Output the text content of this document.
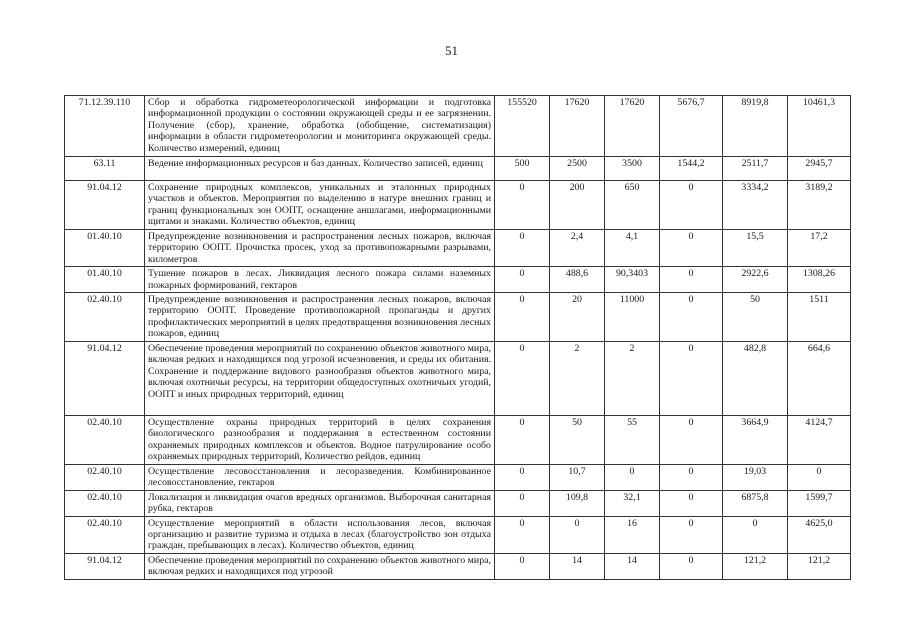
51
71.12.39.110	Сбор и обработка гидрометеорологической информации и подготовка информационной продукции о состоянии окружающей среды и ее загрязнении. Получение (сбор), хранение, обработка (обобщение, систематизация) информации в области гидрометеорологии и мониторинга окружающей среды. Количество измерений, единиц	155520	17620	17620	5676,7	8919,8	10461,3
63.11	Ведение информационных ресурсов и баз данных. Количество записей, единиц	500	2500	3500	1544,2	2511,7	2945,7
91.04.12	Сохранение природных комплексов, уникальных и эталонных природных участков и объектов. Мероприятия по выделению в натуре внешних границ и границ функциональных зон ООПТ, оснащение аншлагами, информационными щитами и знаками. Количество объектов, единиц	0	200	650	0	3334,2	3189,2
01.40.10	Предупреждение возникновения и распространения лесных пожаров, включая территорию ООПТ. Прочистка просек, уход за противопожарными разрывами, километров	0	2,4	4,1	0	15,5	17,2
01.40.10	Тушение пожаров в лесах. Ликвидация лесного пожара силами наземных пожарных формирований, гектаров	0	488,6	90,3403	0	2922,6	1308,26
02.40.10	Предупреждение возникновения и распространения лесных пожаров, включая территорию ООПТ. Проведение противопожарной пропаганды и других профилактических мероприятий в целях предотвращения возникновения лесных пожаров, единиц	0	20	11000	0	50	1511
91.04.12	Обеспечение проведения мероприятий по сохранению объектов животного мира, включая редких и находящихся под угрозой исчезновения, и среды их обитания. Сохранение и поддержание видового разнообразия объектов животного мира, включая охотничьи ресурсы, на территории общедоступных охотничьих угодий, ООПТ и иных природных территорий, единиц	0	2	2	0	482,8	664,6
02.40.10	Осуществление охраны природных территорий в целях сохранения биологического разнообразия и поддержания в естественном состоянии охраняемых природных комплексов и объектов. Водное патрулирование особо охраняемых природных территорий, Количество рейдов, единиц	0	50	55	0	3664,9	4124,7
02.40.10	Осуществление лесовосстановления и лесоразведения. Комбинированное лесовосстановление, гектаров	0	10,7	0	0	19,03	0
02.40.10	Локализация и ликвидация очагов вредных организмов. Выборочная санитарная рубка, гектаров	0	109,8	32,1	0	6875,8	1599,7
02.40.10	Осуществление мероприятий в области использования лесов, включая организацию и развитие туризма и отдыха в лесах (благоустройство зон отдыха граждан, пребывающих в лесах). Количество объектов, единиц	0	0	16	0	0	4625,0
91.04.12	Обеспечение проведения мероприятий по сохранению объектов животного мира, включая редких и находящихся под угрозой	0	14	14	0	121,2	121,2
